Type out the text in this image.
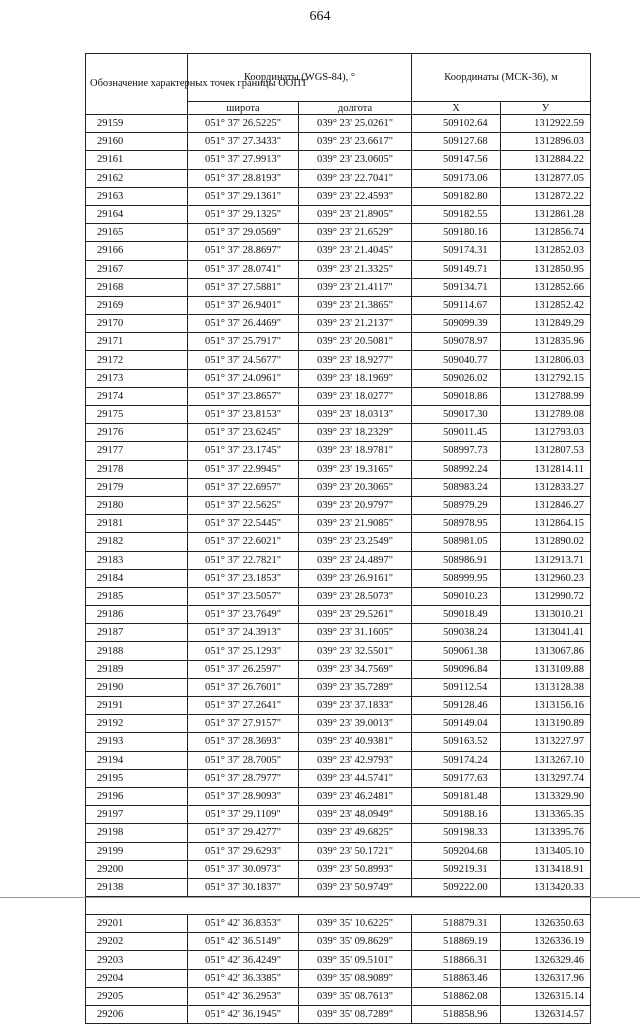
664
Обозначение характерных точек границы ООПТ	Координаты (WGS-84), °		Координаты (МСК-36), м	
	широта	долгота	X	У
29159	051° 37' 26.5225"	039° 23' 25.0261"	509102.64	1312922.59
29160	051° 37' 27.3433"	039° 23' 23.6617"	509127.68	1312896.03
29161	051° 37' 27.9913"	039° 23' 23.0605"	509147.56	1312884.22
29162	051° 37' 28.8193"	039° 23' 22.7041"	509173.06	1312877.05
29163	051° 37' 29.1361"	039° 23' 22.4593"	509182.80	1312872.22
29164	051° 37' 29.1325"	039° 23' 21.8905"	509182.55	1312861.28
29165	051° 37' 29.0569"	039° 23' 21.6529"	509180.16	1312856.74
29166	051° 37' 28.8697"	039° 23' 21.4045"	509174.31	1312852.03
29167	051° 37' 28.0741"	039° 23' 21.3325"	509149.71	1312850.95
29168	051° 37' 27.5881"	039° 23' 21.4117"	509134.71	1312852.66
29169	051° 37' 26.9401"	039° 23' 21.3865"	509114.67	1312852.42
29170	051° 37' 26.4469"	039° 23' 21.2137"	509099.39	1312849.29
29171	051° 37' 25.7917"	039° 23' 20.5081"	509078.97	1312835.96
29172	051° 37' 24.5677"	039° 23' 18.9277"	509040.77	1312806.03
29173	051° 37' 24.0961"	039° 23' 18.1969"	509026.02	1312792.15
29174	051° 37' 23.8657"	039° 23' 18.0277"	509018.86	1312788.99
29175	051° 37' 23.8153"	039° 23' 18.0313"	509017.30	1312789.08
29176	051° 37' 23.6245"	039° 23' 18.2329"	509011.45	1312793.03
29177	051° 37' 23.1745"	039° 23' 18.9781"	508997.73	1312807.53
29178	051° 37' 22.9945"	039° 23' 19.3165"	508992.24	1312814.11
29179	051° 37' 22.6957"	039° 23' 20.3065"	508983.24	1312833.27
29180	051° 37' 22.5625"	039° 23' 20.9797"	508979.29	1312846.27
29181	051° 37' 22.5445"	039° 23' 21.9085"	508978.95	1312864.15
29182	051° 37' 22.6021"	039° 23' 23.2549"	508981.05	1312890.02
29183	051° 37' 22.7821"	039° 23' 24.4897"	508986.91	1312913.71
29184	051° 37' 23.1853"	039° 23' 26.9161"	508999.95	1312960.23
29185	051° 37' 23.5057"	039° 23' 28.5073"	509010.23	1312990.72
29186	051° 37' 23.7649"	039° 23' 29.5261"	509018.49	1313010.21
29187	051° 37' 24.3913"	039° 23' 31.1605"	509038.24	1313041.41
29188	051° 37' 25.1293"	039° 23' 32.5501"	509061.38	1313067.86
29189	051° 37' 26.2597"	039° 23' 34.7569"	509096.84	1313109.88
29190	051° 37' 26.7601"	039° 23' 35.7289"	509112.54	1313128.38
29191	051° 37' 27.2641"	039° 23' 37.1833"	509128.46	1313156.16
29192	051° 37' 27.9157"	039° 23' 39.0013"	509149.04	1313190.89
29193	051° 37' 28.3693"	039° 23' 40.9381"	509163.52	1313227.97
29194	051° 37' 28.7005"	039° 23' 42.9793"	509174.24	1313267.10
29195	051° 37' 28.7977"	039° 23' 44.5741"	509177.63	1313297.74
29196	051° 37' 28.9093"	039° 23' 46.2481"	509181.48	1313329.90
29197	051° 37' 29.1109"	039° 23' 48.0949"	509188.16	1313365.35
29198	051° 37' 29.4277"	039° 23' 49.6825"	509198.33	1313395.76
29199	051° 37' 29.6293"	039° 23' 50.1721"	509204.68	1313405.10
29200	051° 37' 30.0973"	039° 23' 50.8993"	509219.31	1313418.91
29138	051° 37' 30.1837"	039° 23' 50.9749"	509222.00	1313420.33

29201	051° 42' 36.8353"	039° 35' 10.6225"	518879.31	1326350.63
29202	051° 42' 36.5149"	039° 35' 09.8629"	518869.19	1326336.19
29203	051° 42' 36.4249"	039° 35' 09.5101"	518866.31	1326329.46
29204	051° 42' 36.3385"	039° 35' 08.9089"	518863.46	1326317.96
29205	051° 42' 36.2953"	039° 35' 08.7613"	518862.08	1326315.14
29206	051° 42' 36.1945"	039° 35' 08.7289"	518858.96	1326314.57
